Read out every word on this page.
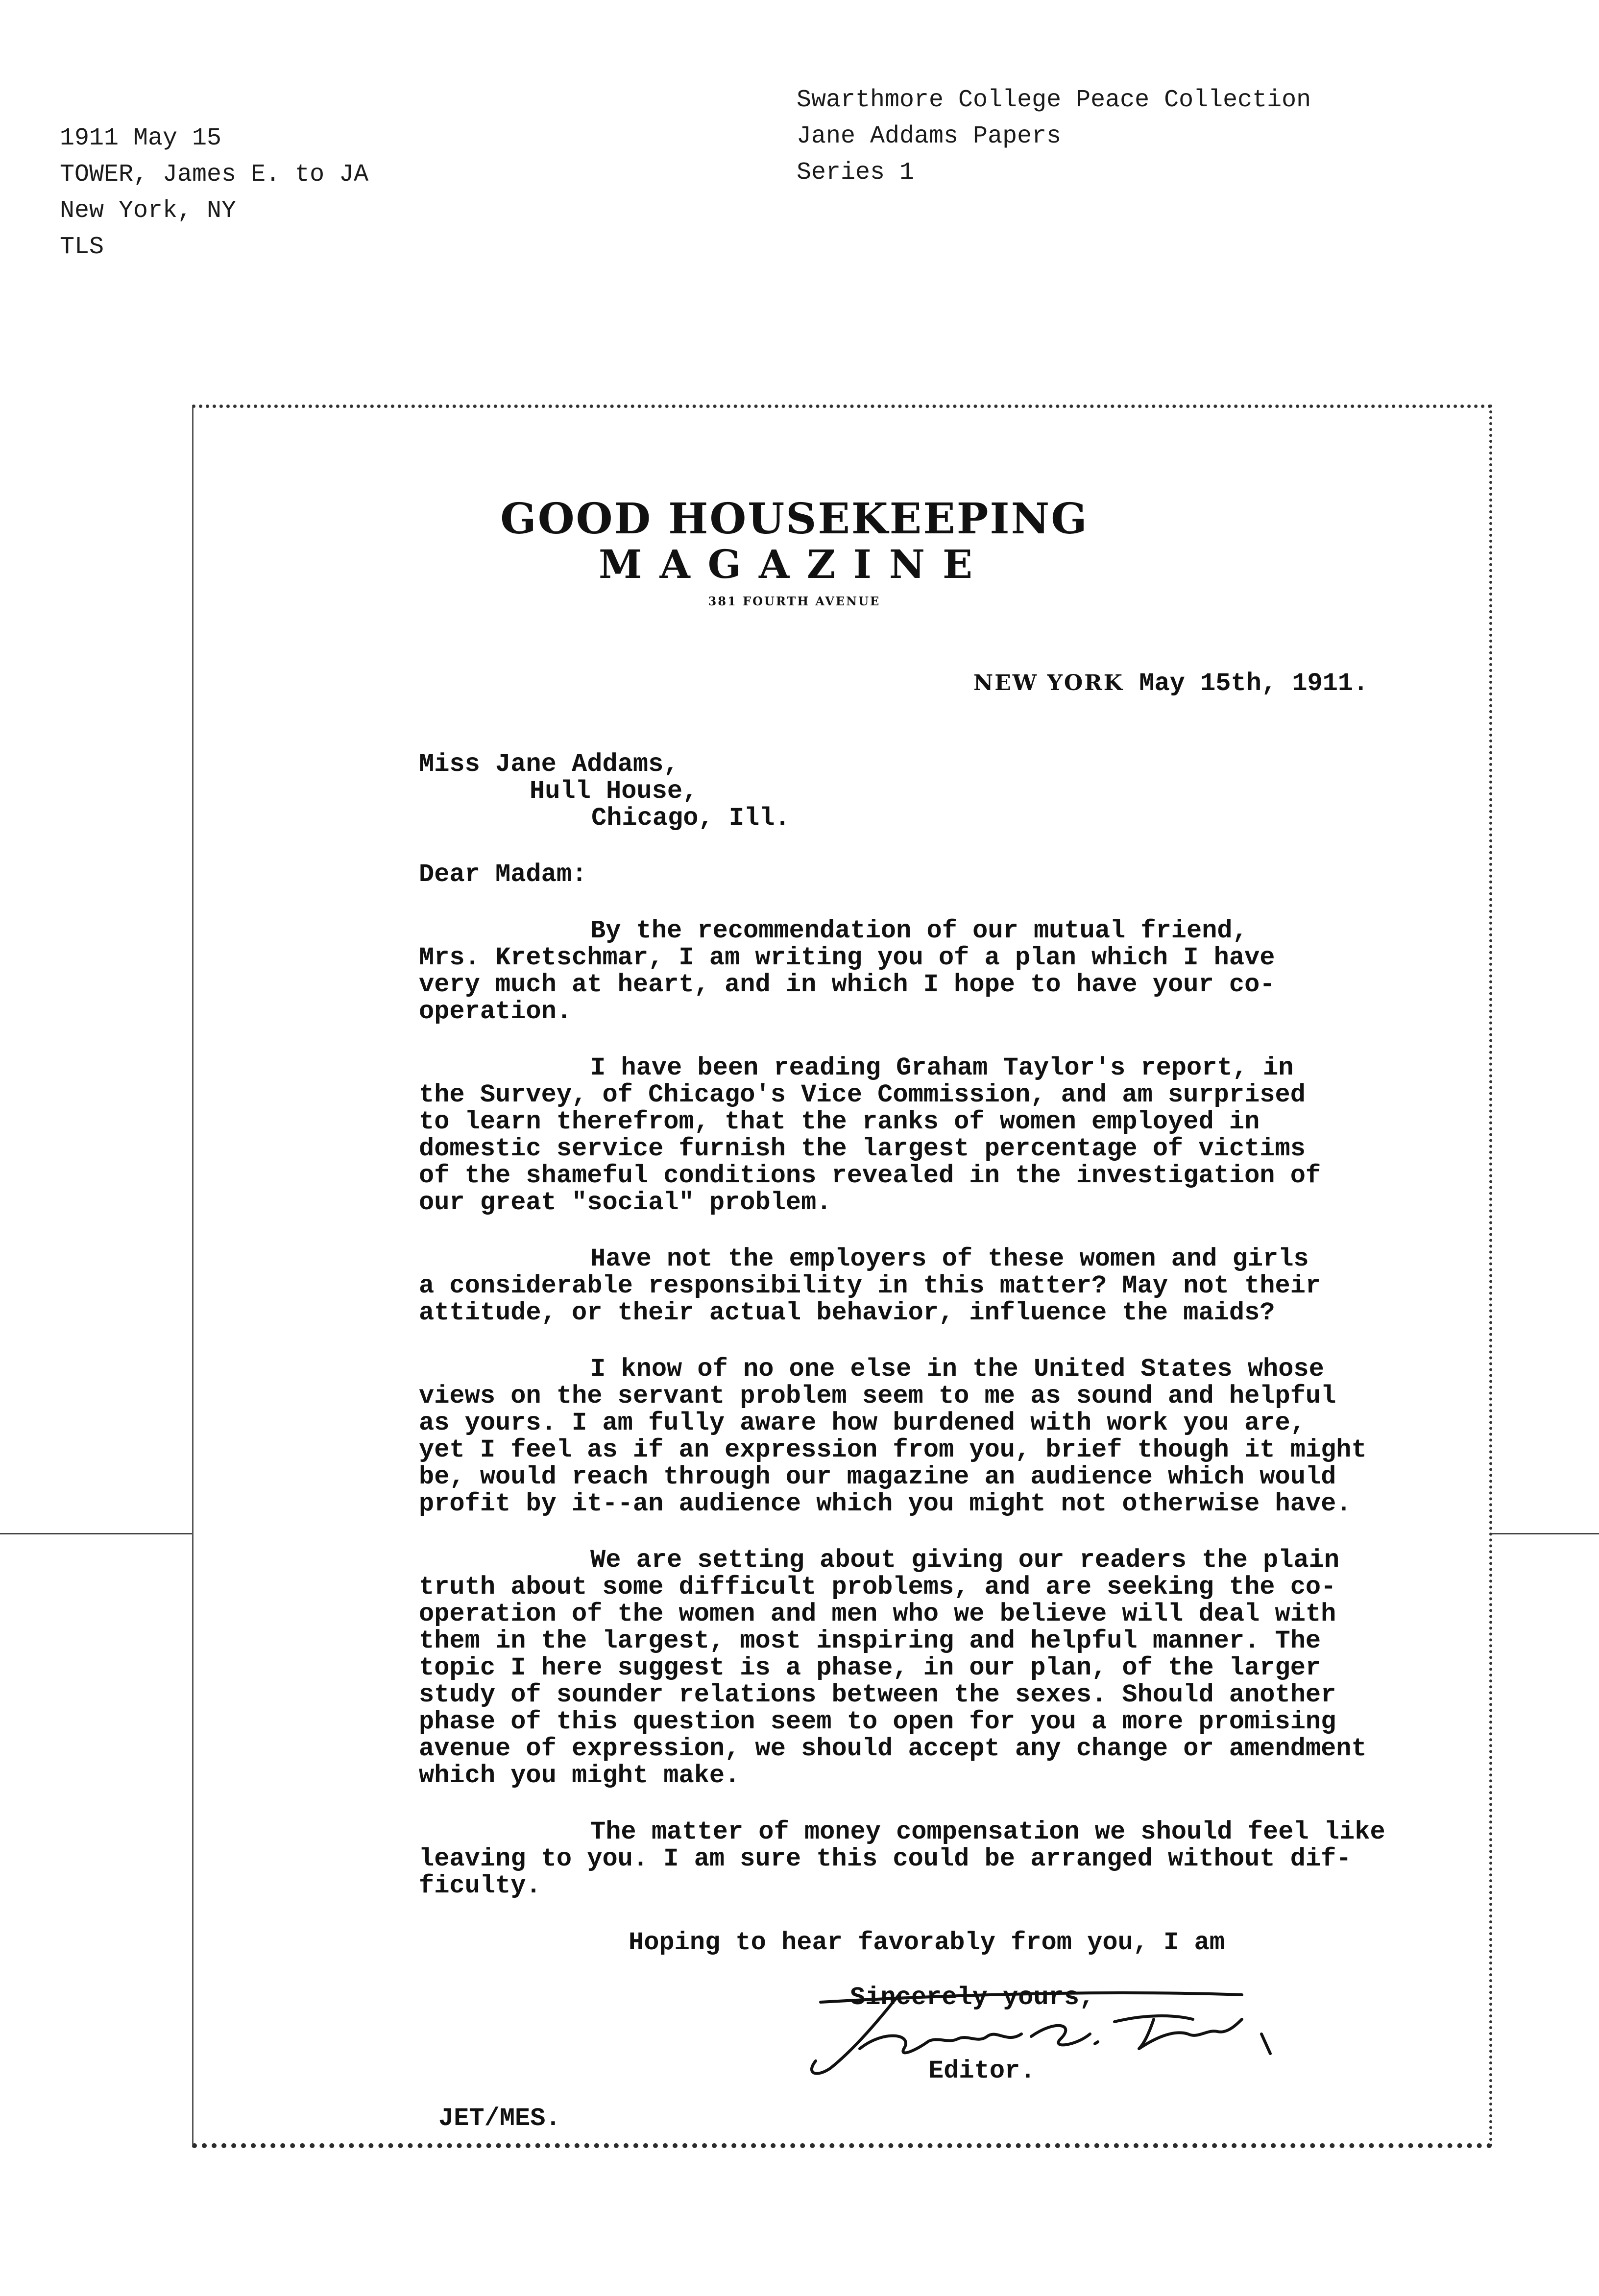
1911 May 15
TOWER, James E. to JA
New York, NY
TLS
Swarthmore College Peace Collection
Jane Addams Papers
Series 1
GOOD HOUSEKEEPING
MAGAZINE
381 FOURTH AVENUE
NEW YORK May 15th, 1911.
Miss Jane Addams,
Hull House,
Chicago, Ill.
Dear Madam:
By the recommendation of our mutual friend,
Mrs. Kretschmar, I am writing you of a plan which I have
very much at heart, and in which I hope to have your co-
operation.
I have been reading Graham Taylor's report, in
the Survey, of Chicago's Vice Commission, and am surprised
to learn therefrom, that the ranks of women employed in
domestic service furnish the largest percentage of victims
of the shameful conditions revealed in the investigation of
our great "social" problem.
Have not the employers of these women and girls
a considerable responsibility in this matter? May not their
attitude, or their actual behavior, influence the maids?
I know of no one else in the United States whose
views on the servant problem seem to me as sound and helpful
as yours. I am fully aware how burdened with work you are,
yet I feel as if an expression from you, brief though it might
be, would reach through our magazine an audience which would
profit by it--an audience which you might not otherwise have.
We are setting about giving our readers the plain
truth about some difficult problems, and are seeking the co-
operation of the women and men who we believe will deal with
them in the largest, most inspiring and helpful manner. The
topic I here suggest is a phase, in our plan, of the larger
study of sounder relations between the sexes. Should another
phase of this question seem to open for you a more promising
avenue of expression, we should accept any change or amendment
which you might make.
The matter of money compensation we should feel like
leaving to you. I am sure this could be arranged without dif-
ficulty.
Hoping to hear favorably from you, I am
Sincerely yours,
Editor.
JET/MES.
